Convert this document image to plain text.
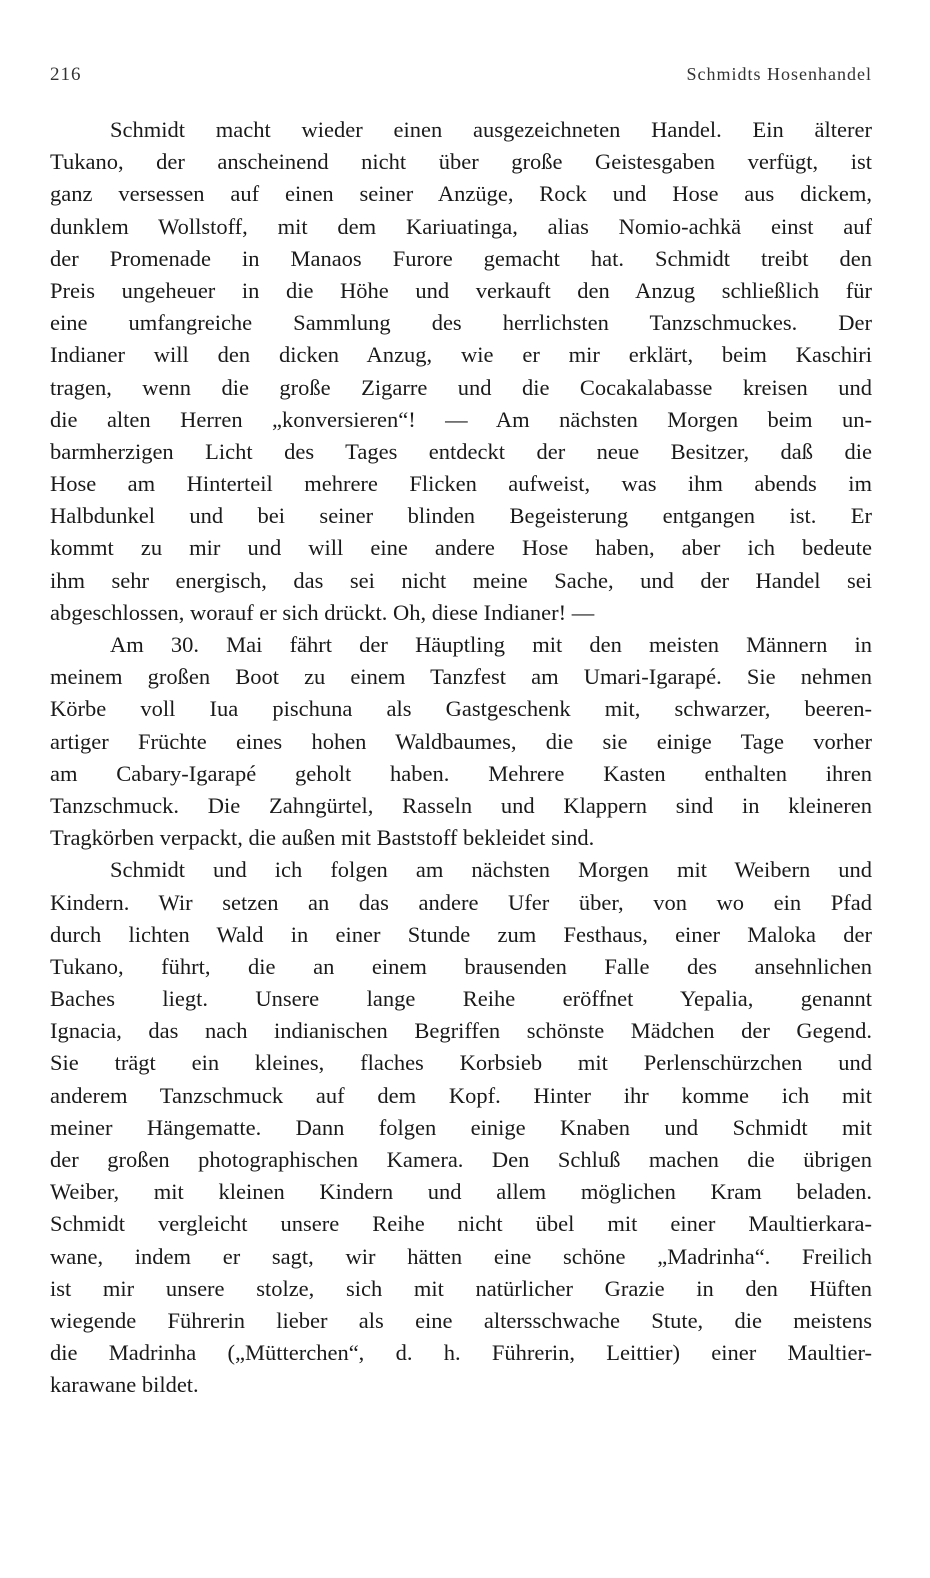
216	Schmidts Hosenhandel
Schmidt macht wieder einen ausgezeichneten Handel. Ein älterer
Tukano, der anscheinend nicht über große Geistesgaben verfügt, ist
ganz versessen auf einen seiner Anzüge, Rock und Hose aus dickem,
dunklem Wollstoff, mit dem Kariuatinga, alias Nomio-achkä einst auf
der Promenade in Manaos Furore gemacht hat. Schmidt treibt den
Preis ungeheuer in die Höhe und verkauft den Anzug schließlich für
eine umfangreiche Sammlung des herrlichsten Tanzschmuckes. Der
Indianer will den dicken Anzug, wie er mir erklärt, beim Kaschiri
tragen, wenn die große Zigarre und die Cocakalabasse kreisen und
die alten Herren „konversieren“! — Am nächsten Morgen beim un-
barmherzigen Licht des Tages entdeckt der neue Besitzer, daß die
Hose am Hinterteil mehrere Flicken aufweist, was ihm abends im
Halbdunkel und bei seiner blinden Begeisterung entgangen ist. Er
kommt zu mir und will eine andere Hose haben, aber ich bedeute
ihm sehr energisch, das sei nicht meine Sache, und der Handel sei
abgeschlossen, worauf er sich drückt. Oh, diese Indianer! —
Am 30. Mai fährt der Häuptling mit den meisten Männern in
meinem großen Boot zu einem Tanzfest am Umari-Igarapé. Sie nehmen
Körbe voll Iua pischuna als Gastgeschenk mit, schwarzer, beeren-
artiger Früchte eines hohen Waldbaumes, die sie einige Tage vorher
am Cabary-Igarapé geholt haben. Mehrere Kasten enthalten ihren
Tanzschmuck. Die Zahngürtel, Rasseln und Klappern sind in kleineren
Tragkörben verpackt, die außen mit Baststoff bekleidet sind.
Schmidt und ich folgen am nächsten Morgen mit Weibern und
Kindern. Wir setzen an das andere Ufer über, von wo ein Pfad
durch lichten Wald in einer Stunde zum Festhaus, einer Maloka der
Tukano, führt, die an einem brausenden Falle des ansehnlichen
Baches liegt. Unsere lange Reihe eröffnet Yepalia, genannt
Ignacia, das nach indianischen Begriffen schönste Mädchen der Gegend.
Sie trägt ein kleines, flaches Korbsieb mit Perlenschürzchen und
anderem Tanzschmuck auf dem Kopf. Hinter ihr komme ich mit
meiner Hängematte. Dann folgen einige Knaben und Schmidt mit
der großen photographischen Kamera. Den Schluß machen die übrigen
Weiber, mit kleinen Kindern und allem möglichen Kram beladen.
Schmidt vergleicht unsere Reihe nicht übel mit einer Maultierkara-
wane, indem er sagt, wir hätten eine schöne „Madrinha“. Freilich
ist mir unsere stolze, sich mit natürlicher Grazie in den Hüften
wiegende Führerin lieber als eine altersschwache Stute, die meistens
die Madrinha („Mütterchen“, d. h. Führerin, Leittier) einer Maultier-
karawane bildet.
